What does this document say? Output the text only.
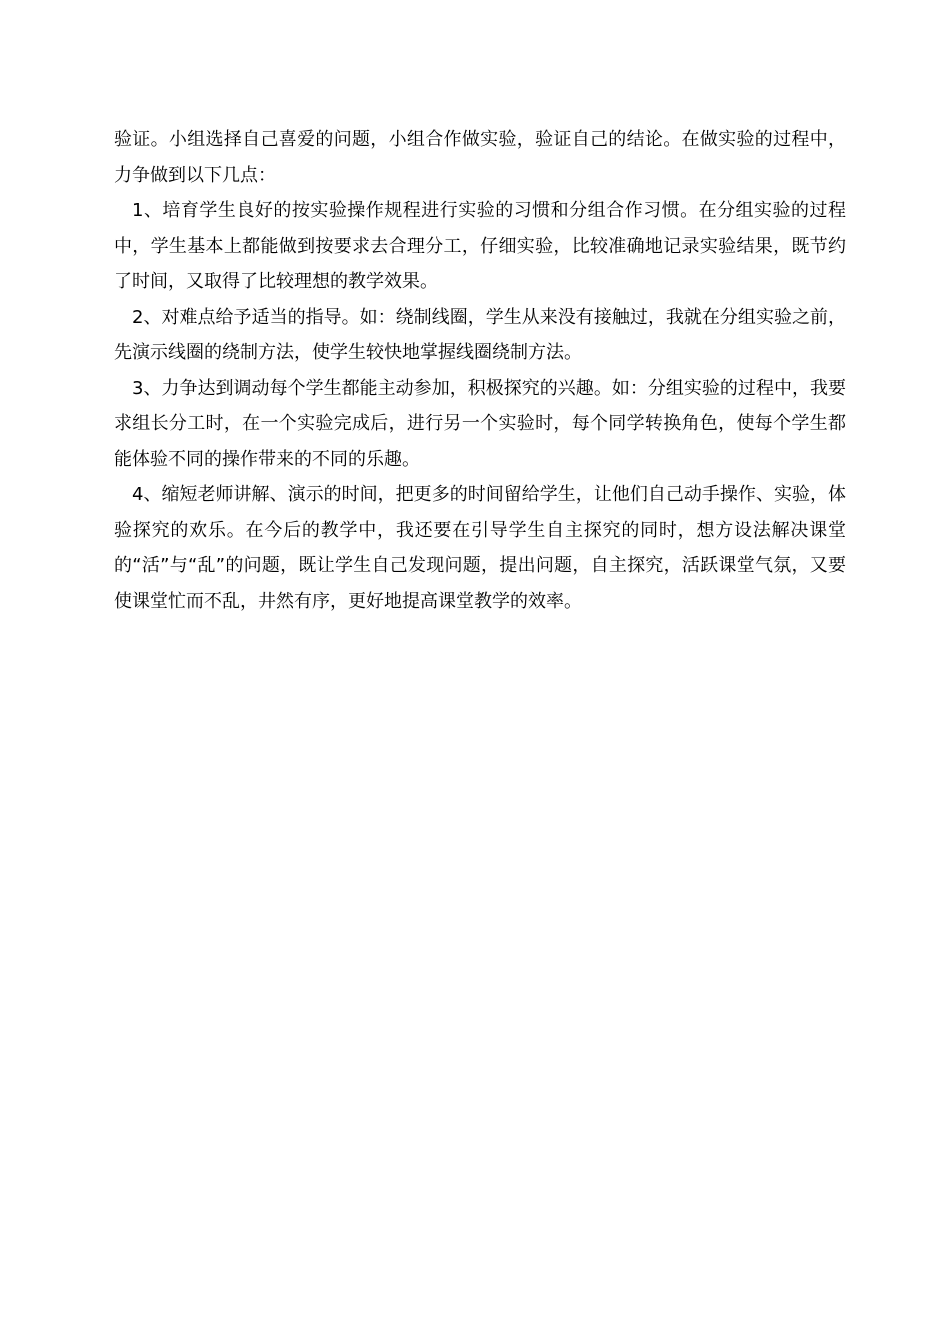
验证。小组选择自己喜爱的问题，小组合作做实验，验证自己的结论。在做实验的过程中，力争做到以下几点：

1、培育学生良好的按实验操作规程进行实验的习惯和分组合作习惯。在分组实验的过程中，学生基本上都能做到按要求去合理分工，仔细实验，比较准确地记录实验结果，既节约了时间，又取得了比较理想的教学效果。

2、对难点给予适当的指导。如：绕制线圈，学生从来没有接触过，我就在分组实验之前，先演示线圈的绕制方法，使学生较快地掌握线圈绕制方法。

3、力争达到调动每个学生都能主动参加，积极探究的兴趣。如：分组实验的过程中，我要求组长分工时，在一个实验完成后，进行另一个实验时，每个同学转换角色，使每个学生都能体验不同的操作带来的不同的乐趣。

4、缩短老师讲解、演示的时间，把更多的时间留给学生，让他们自己动手操作、实验，体验探究的欢乐。在今后的教学中，我还要在引导学生自主探究的同时，想方设法解决课堂的“活”与“乱”的问题，既让学生自己发现问题，提出问题，自主探究，活跃课堂气氛，又要使课堂忙而不乱，井然有序，更好地提高课堂教学的效率。
